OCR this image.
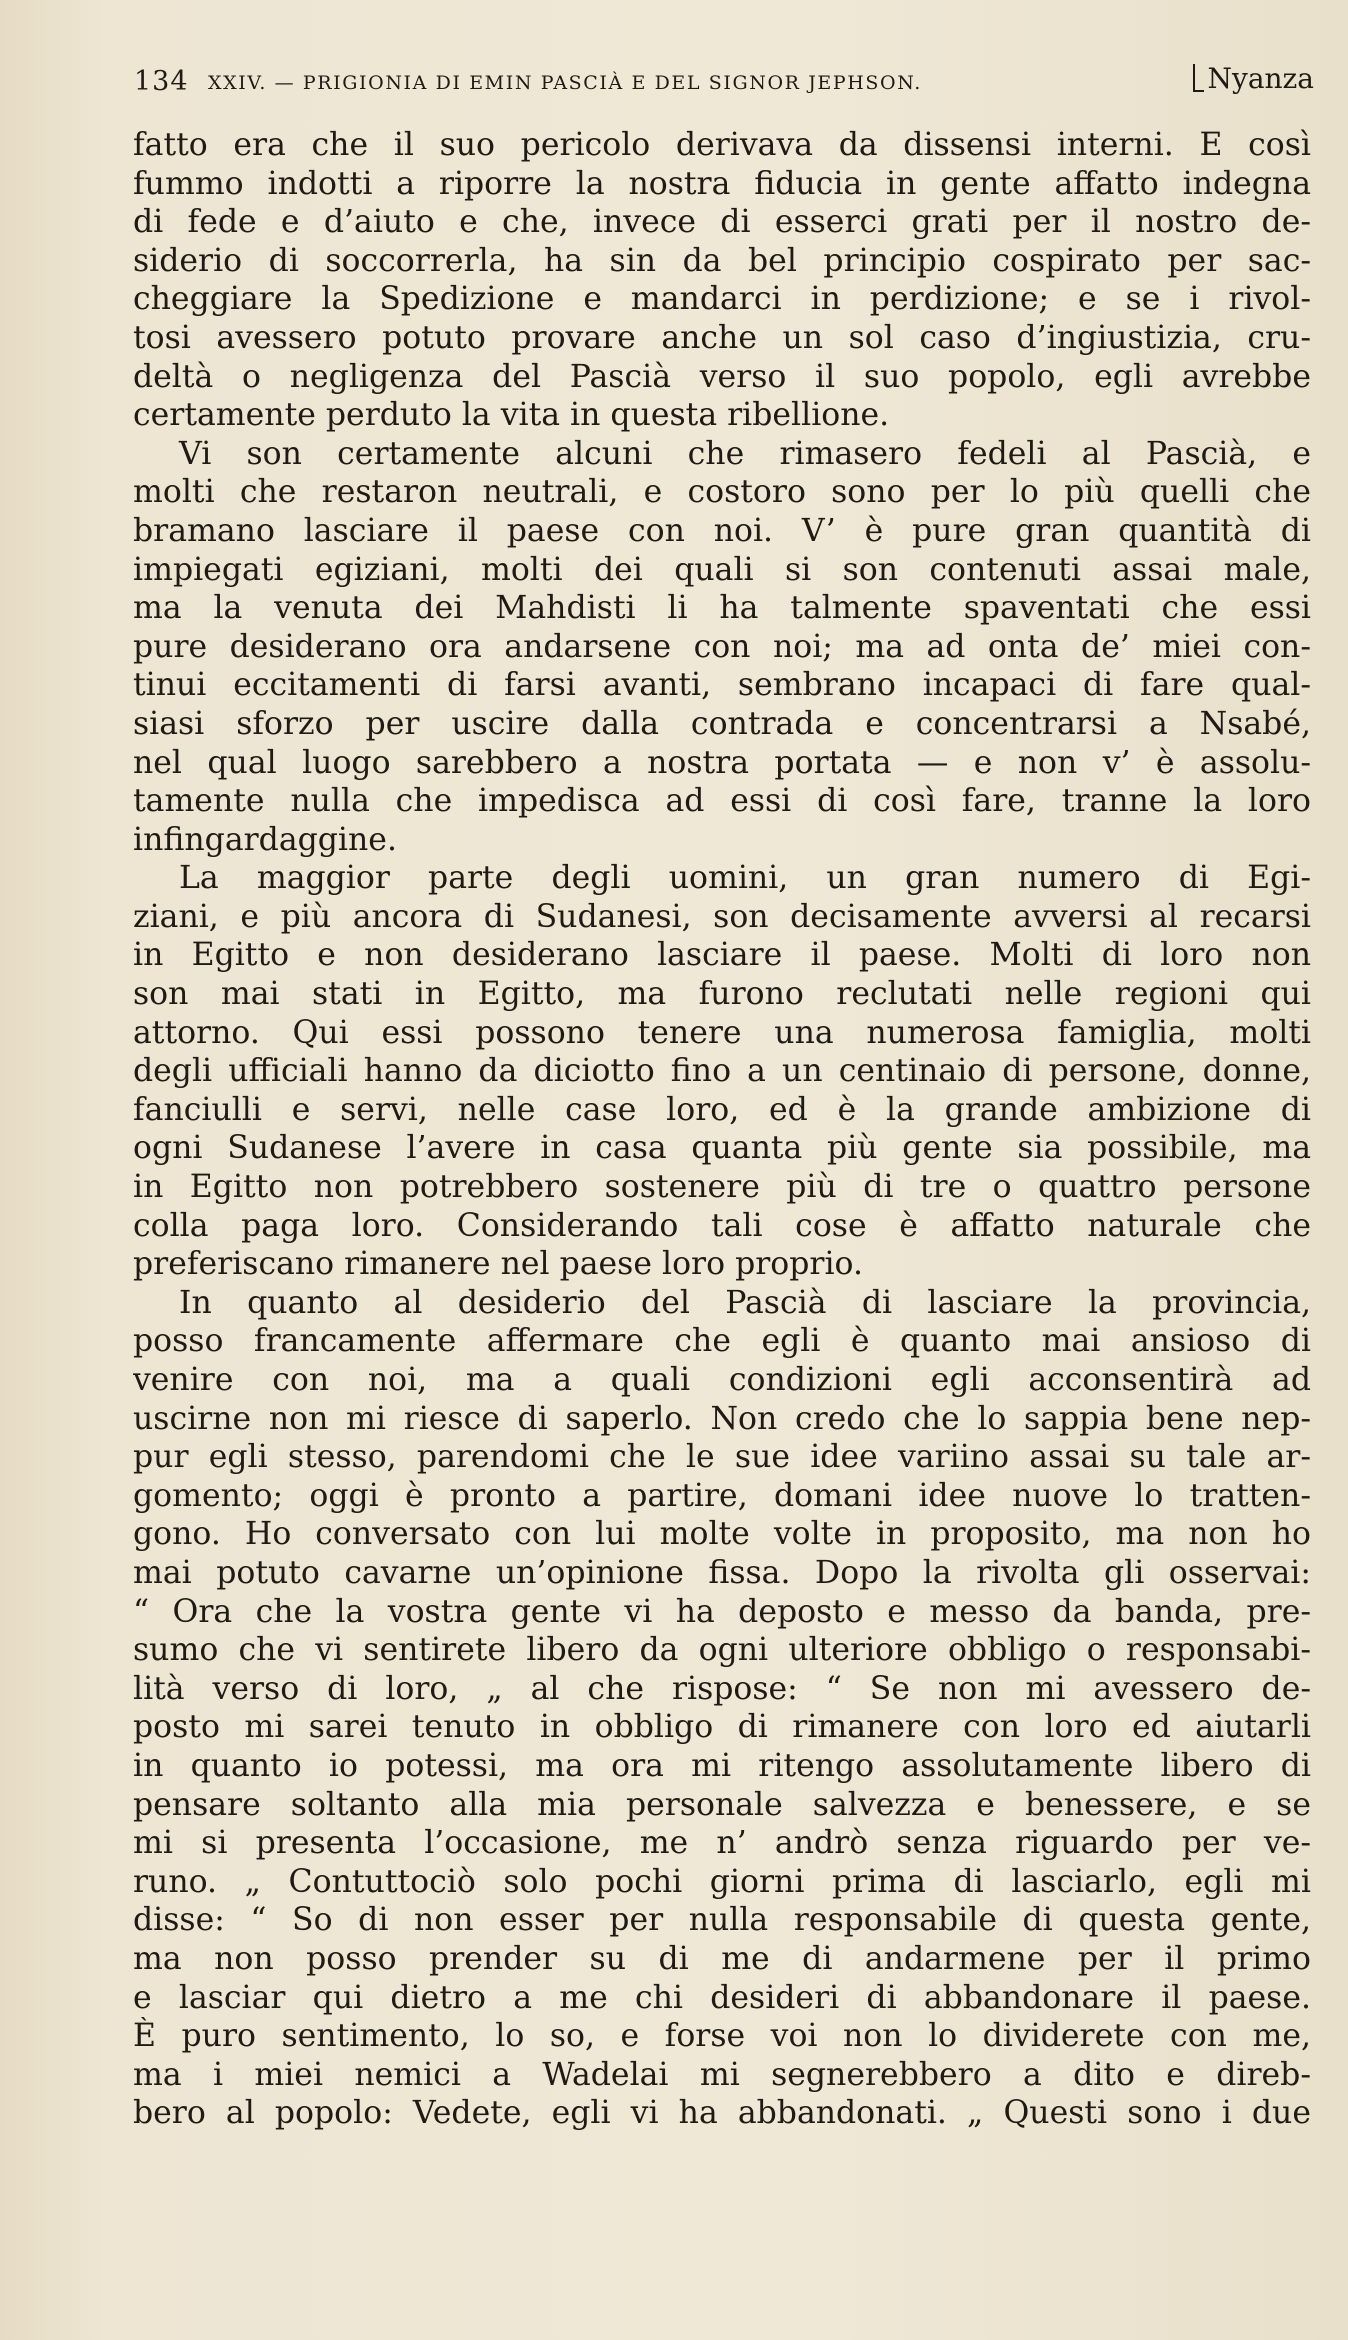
134 XXIV. — PRIGIONIA DI EMIN PASCIÀ E DEL SIGNOR JEPHSON.	Nyanza
fatto era che il suo pericolo derivava da dissensi interni. E così
fummo indotti a riporre la nostra fiducia in gente affatto indegna
di fede e d’aiuto e che, invece di esserci grati per il nostro de-
siderio di soccorrerla, ha sin da bel principio cospirato per sac-
cheggiare la Spedizione e mandarci in perdizione; e se i rivol-
tosi avessero potuto provare anche un sol caso d’ingiustizia, cru-
deltà o negligenza del Pascià verso il suo popolo, egli avrebbe
certamente perduto la vita in questa ribellione.
Vi son certamente alcuni che rimasero fedeli al Pascià, e
molti che restaron neutrali, e costoro sono per lo più quelli che
bramano lasciare il paese con noi. V’ è pure gran quantità di
impiegati egiziani, molti dei quali si son contenuti assai male,
ma la venuta dei Mahdisti li ha talmente spaventati che essi
pure desiderano ora andarsene con noi; ma ad onta de’ miei con-
tinui eccitamenti di farsi avanti, sembrano incapaci di fare qual-
siasi sforzo per uscire dalla contrada e concentrarsi a Nsabé,
nel qual luogo sarebbero a nostra portata — e non v’ è assolu-
tamente nulla che impedisca ad essi di così fare, tranne la loro
infingardaggine.
La maggior parte degli uomini, un gran numero di Egi-
ziani, e più ancora di Sudanesi, son decisamente avversi al recarsi
in Egitto e non desiderano lasciare il paese. Molti di loro non
son mai stati in Egitto, ma furono reclutati nelle regioni qui
attorno. Qui essi possono tenere una numerosa famiglia, molti
degli ufficiali hanno da diciotto fino a un centinaio di persone, donne,
fanciulli e servi, nelle case loro, ed è la grande ambizione di
ogni Sudanese l’avere in casa quanta più gente sia possibile, ma
in Egitto non potrebbero sostenere più di tre o quattro persone
colla paga loro. Considerando tali cose è affatto naturale che
preferiscano rimanere nel paese loro proprio.
In quanto al desiderio del Pascià di lasciare la provincia,
posso francamente affermare che egli è quanto mai ansioso di
venire con noi, ma a quali condizioni egli acconsentirà ad
uscirne non mi riesce di saperlo. Non credo che lo sappia bene nep-
pur egli stesso, parendomi che le sue idee variino assai su tale ar-
gomento; oggi è pronto a partire, domani idee nuove lo tratten-
gono. Ho conversato con lui molte volte in proposito, ma non ho
mai potuto cavarne un’opinione fissa. Dopo la rivolta gli osservai:
“ Ora che la vostra gente vi ha deposto e messo da banda, pre-
sumo che vi sentirete libero da ogni ulteriore obbligo o responsabi-
lità verso di loro, „ al che rispose: “ Se non mi avessero de-
posto mi sarei tenuto in obbligo di rimanere con loro ed aiutarli
in quanto io potessi, ma ora mi ritengo assolutamente libero di
pensare soltanto alla mia personale salvezza e benessere, e se
mi si presenta l’occasione, me n’ andrò senza riguardo per ve-
runo. „ Contuttociò solo pochi giorni prima di lasciarlo, egli mi
disse: “ So di non esser per nulla responsabile di questa gente,
ma non posso prender su di me di andarmene per il primo
e lasciar qui dietro a me chi desideri di abbandonare il paese.
È puro sentimento, lo so, e forse voi non lo dividerete con me,
ma i miei nemici a Wadelai mi segnerebbero a dito e direb-
bero al popolo: Vedete, egli vi ha abbandonati. „ Questi sono i due
